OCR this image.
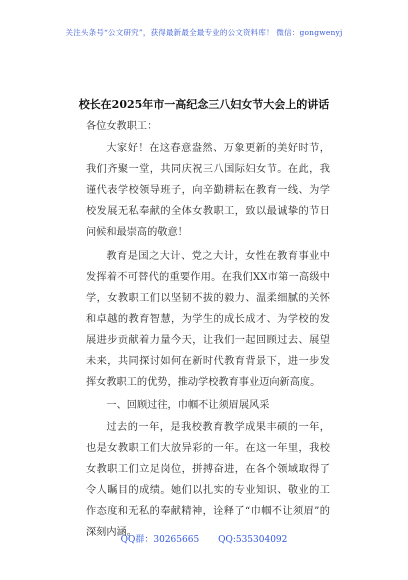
关注头条号“公文研究”，获得最新最全最专业的公文资料库！ 微信：gongwenyj
校长在2025年市一高纪念三八妇女节大会上的讲话
各位女教职工：

大家好！在这春意盎然、万象更新的美好时节，我们齐聚一堂，共同庆祝三八国际妇女节。在此，我谨代表学校领导班子，向辛勤耕耘在教育一线、为学校发展无私奉献的全体女教职工，致以最诚挚的节日问候和最崇高的敬意！

教育是国之大计、党之大计，女性在教育事业中发挥着不可替代的重要作用。在我们XX市第一高级中学，女教职工们以坚韧不拔的毅力、温柔细腻的关怀和卓越的教育智慧，为学生的成长成才、为学校的发展进步贡献着力量今天，让我们一起回顾过去、展望未来，共同探讨如何在新时代教育背景下，进一步发挥女教职工的优势，推动学校教育事业迈向新高度。

一、回顾过往，巾帼不让须眉展风采

过去的一年，是我校教育教学成果丰硕的一年，也是女教职工们大放异彩的一年。在这一年里，我校女教职工们立足岗位，拼搏奋进，在各个领域取得了令人瞩目的成绩。她们以扎实的专业知识、敬业的工作态度和无私的奉献精神，诠释了“巾帼不让须眉”的深刻内涵。

QQ群：30265665 QQ:535304092
